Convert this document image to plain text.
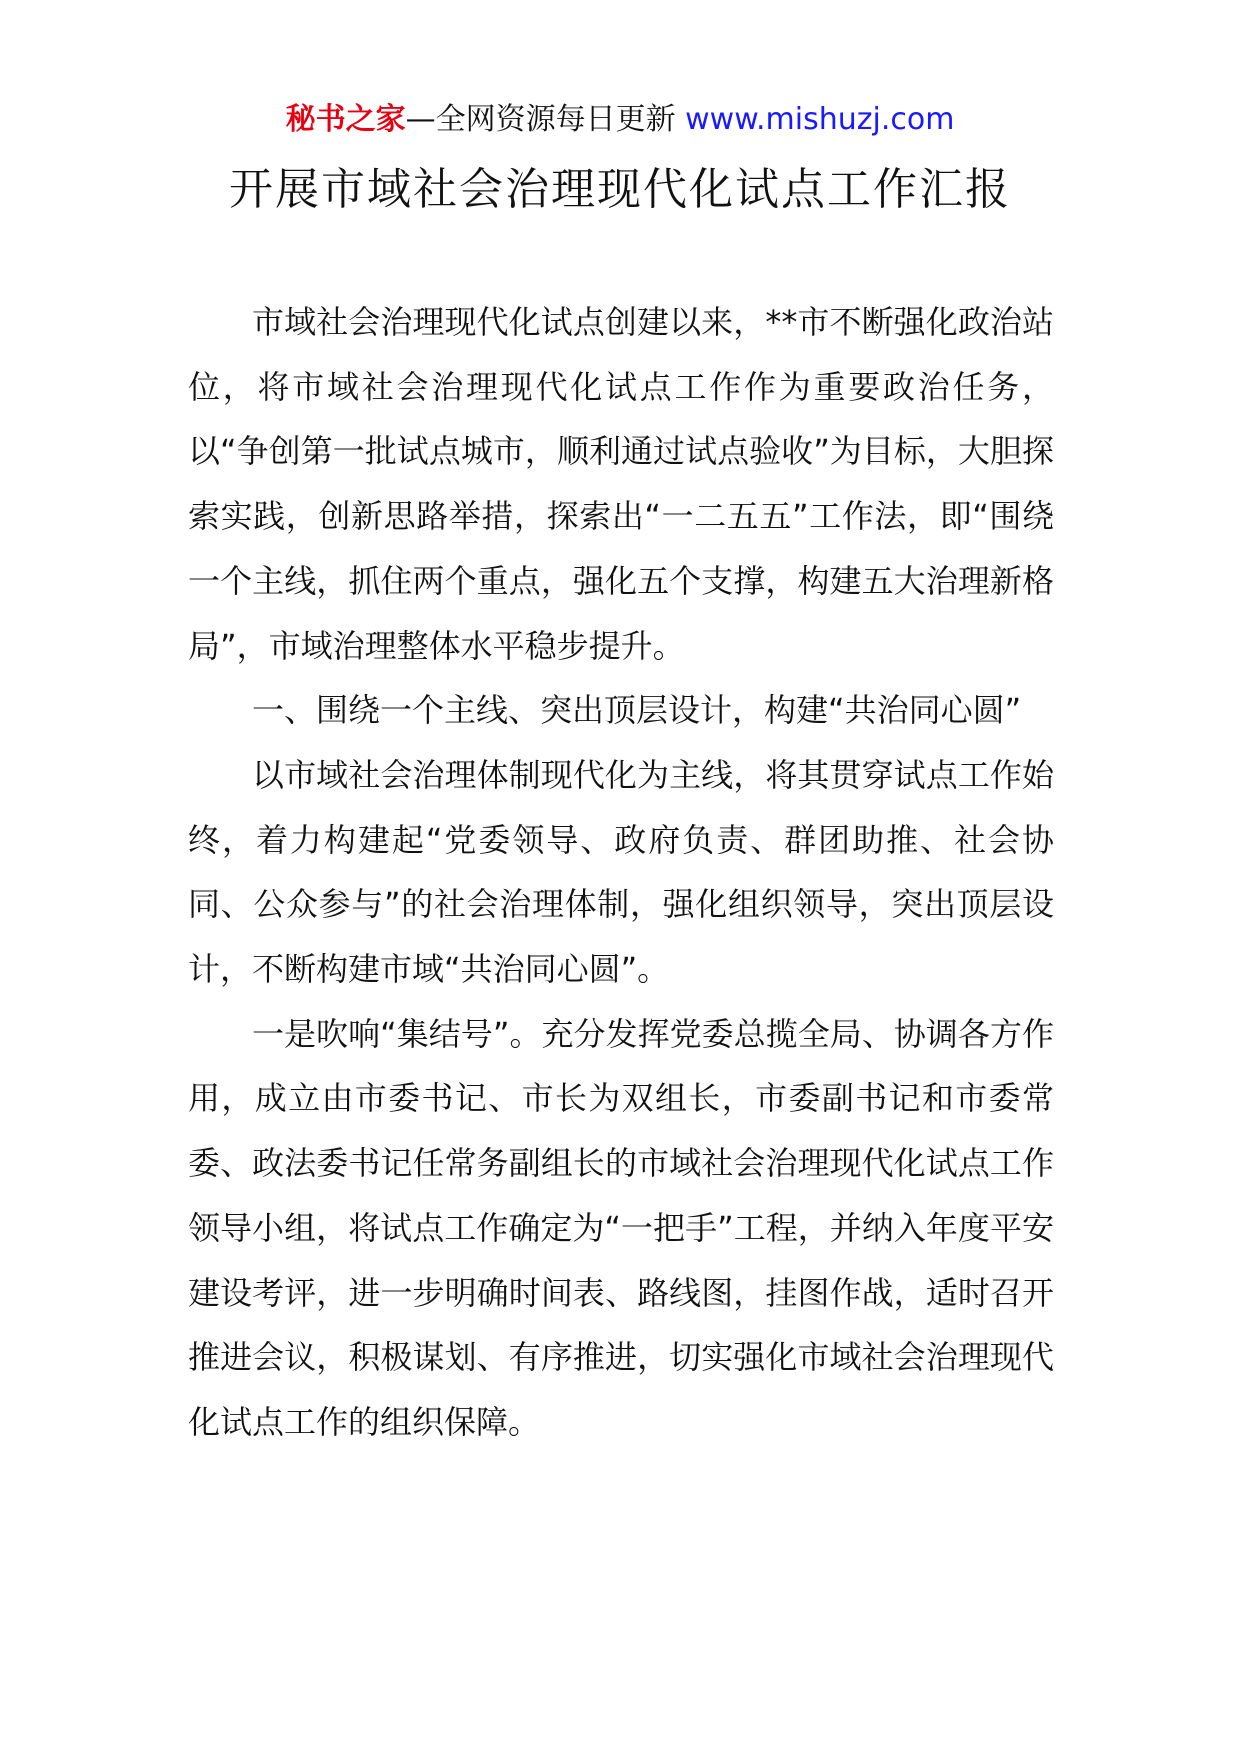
秘书之家—全网资源每日更新 www.mishuzj.com
开展市域社会治理现代化试点工作汇报

市域社会治理现代化试点创建以来，**市不断强化政治站位，将市域社会治理现代化试点工作作为重要政治任务，以“争创第一批试点城市，顺利通过试点验收”为目标，大胆探索实践，创新思路举措，探索出“一二五五”工作法，即“围绕一个主线，抓住两个重点，强化五个支撑，构建五大治理新格局”，市域治理整体水平稳步提升。

一、围绕一个主线、突出顶层设计，构建“共治同心圆”

以市域社会治理体制现代化为主线，将其贯穿试点工作始终，着力构建起“党委领导、政府负责、群团助推、社会协同、公众参与”的社会治理体制，强化组织领导，突出顶层设计，不断构建市域“共治同心圆”。

一是吹响“集结号”。充分发挥党委总揽全局、协调各方作用，成立由市委书记、市长为双组长，市委副书记和市委常委、政法委书记任常务副组长的市域社会治理现代化试点工作领导小组，将试点工作确定为“一把手”工程，并纳入年度平安建设考评，进一步明确时间表、路线图，挂图作战，适时召开推进会议，积极谋划、有序推进，切实强化市域社会治理现代化试点工作的组织保障。
